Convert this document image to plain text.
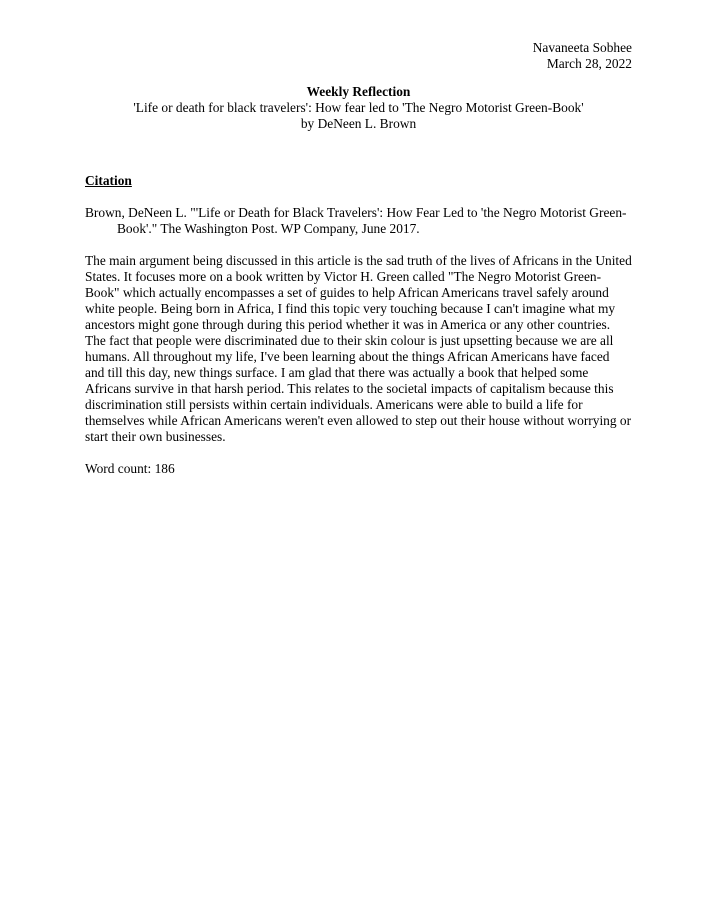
Navaneeta Sobhee
March 28, 2022
Weekly Reflection
'Life or death for black travelers': How fear led to 'The Negro Motorist Green-Book'
by DeNeen L. Brown
Citation

Brown, DeNeen L. "'Life or Death for Black Travelers': How Fear Led to 'the Negro Motorist Green-Book'." The Washington Post. WP Company, June 2017.

The main argument being discussed in this article is the sad truth of the lives of Africans in the United States. It focuses more on a book written by Victor H. Green called "The Negro Motorist Green-Book" which actually encompasses a set of guides to help African Americans travel safely around white people. Being born in Africa, I find this topic very touching because I can't imagine what my ancestors might gone through during this period whether it was in America or any other countries. The fact that people were discriminated due to their skin colour is just upsetting because we are all humans. All throughout my life, I've been learning about the things African Americans have faced and till this day, new things surface. I am glad that there was actually a book that helped some Africans survive in that harsh period. This relates to the societal impacts of capitalism because this discrimination still persists within certain individuals. Americans were able to build a life for themselves while African Americans weren't even allowed to step out their house without worrying or start their own businesses.

Word count: 186
